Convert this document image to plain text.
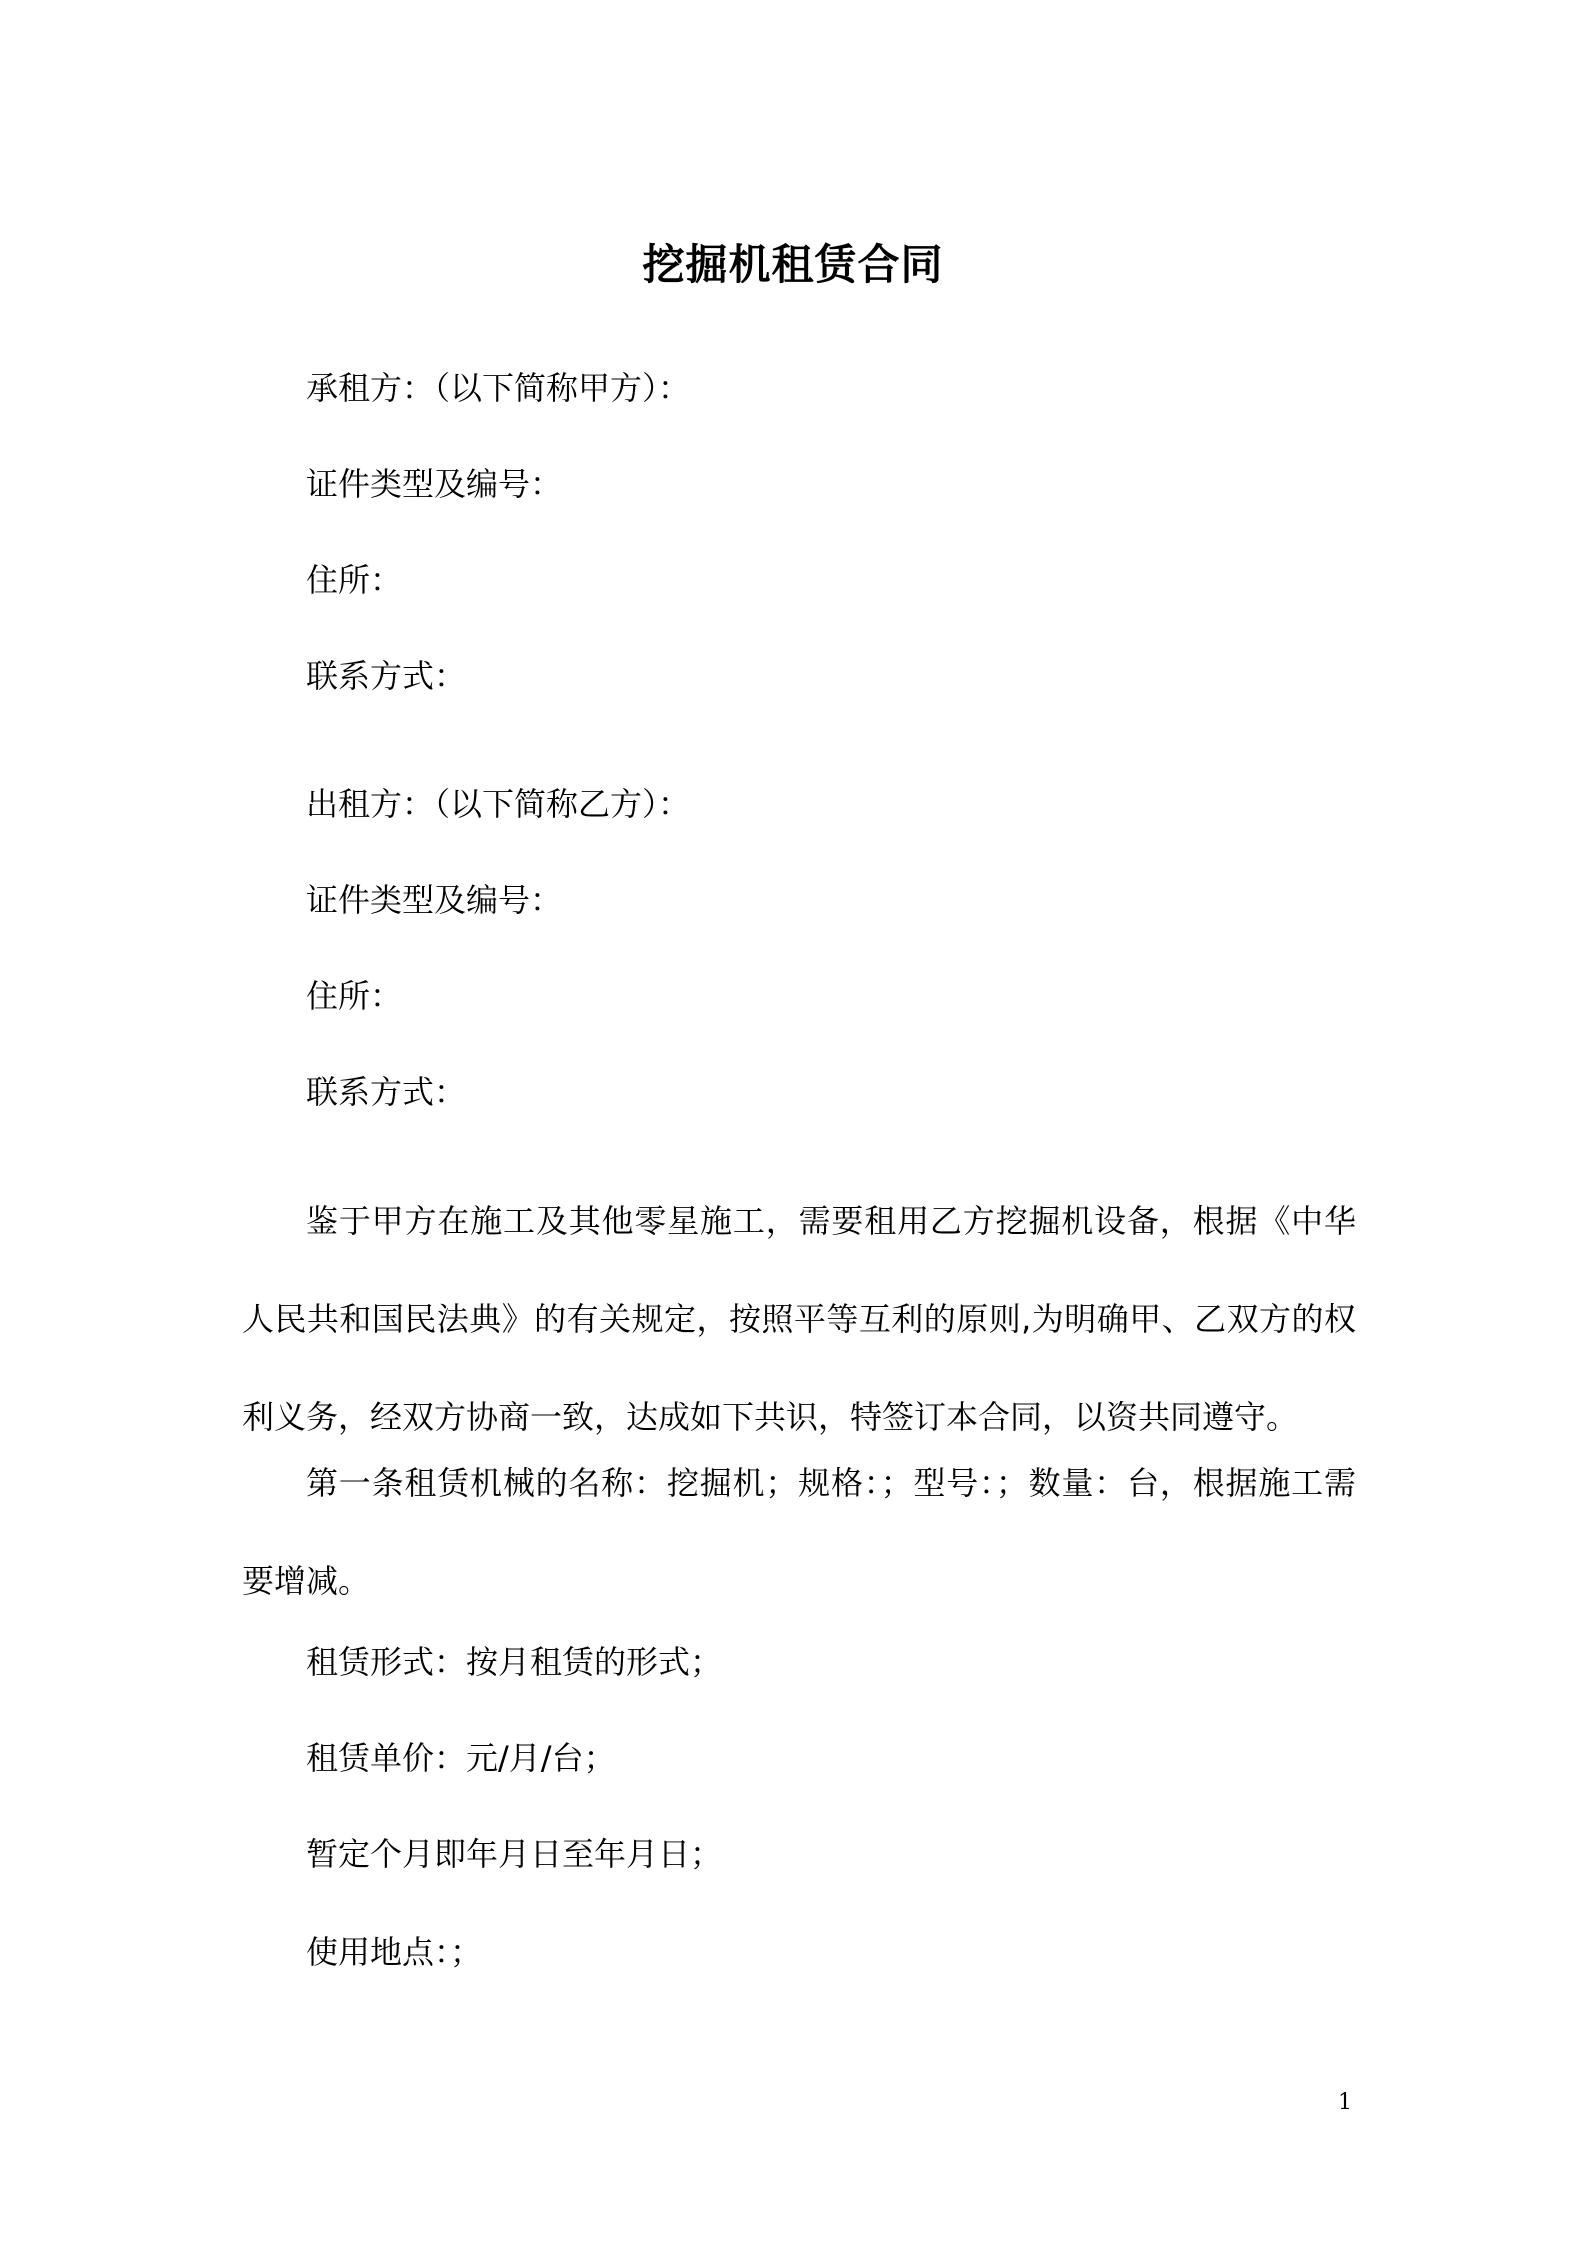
挖掘机租赁合同
承租方：（以下简称甲方）：
证件类型及编号：
住所：
联系方式：
出租方：（以下简称乙方）：
证件类型及编号：
住所：
联系方式：
鉴于甲方在施工及其他零星施工，需要租用乙方挖掘机设备，根据《中华人民共和国民法典》的有关规定，按照平等互利的原则,为明确甲、乙双方的权利义务，经双方协商一致，达成如下共识，特签订本合同，以资共同遵守。
第一条租赁机械的名称：挖掘机；规格：；型号：；数量：台，根据施工需要增减。
租赁形式：按月租赁的形式；
租赁单价：元/月/台；
暂定个月即年月日至年月日；
使用地点：；
1
